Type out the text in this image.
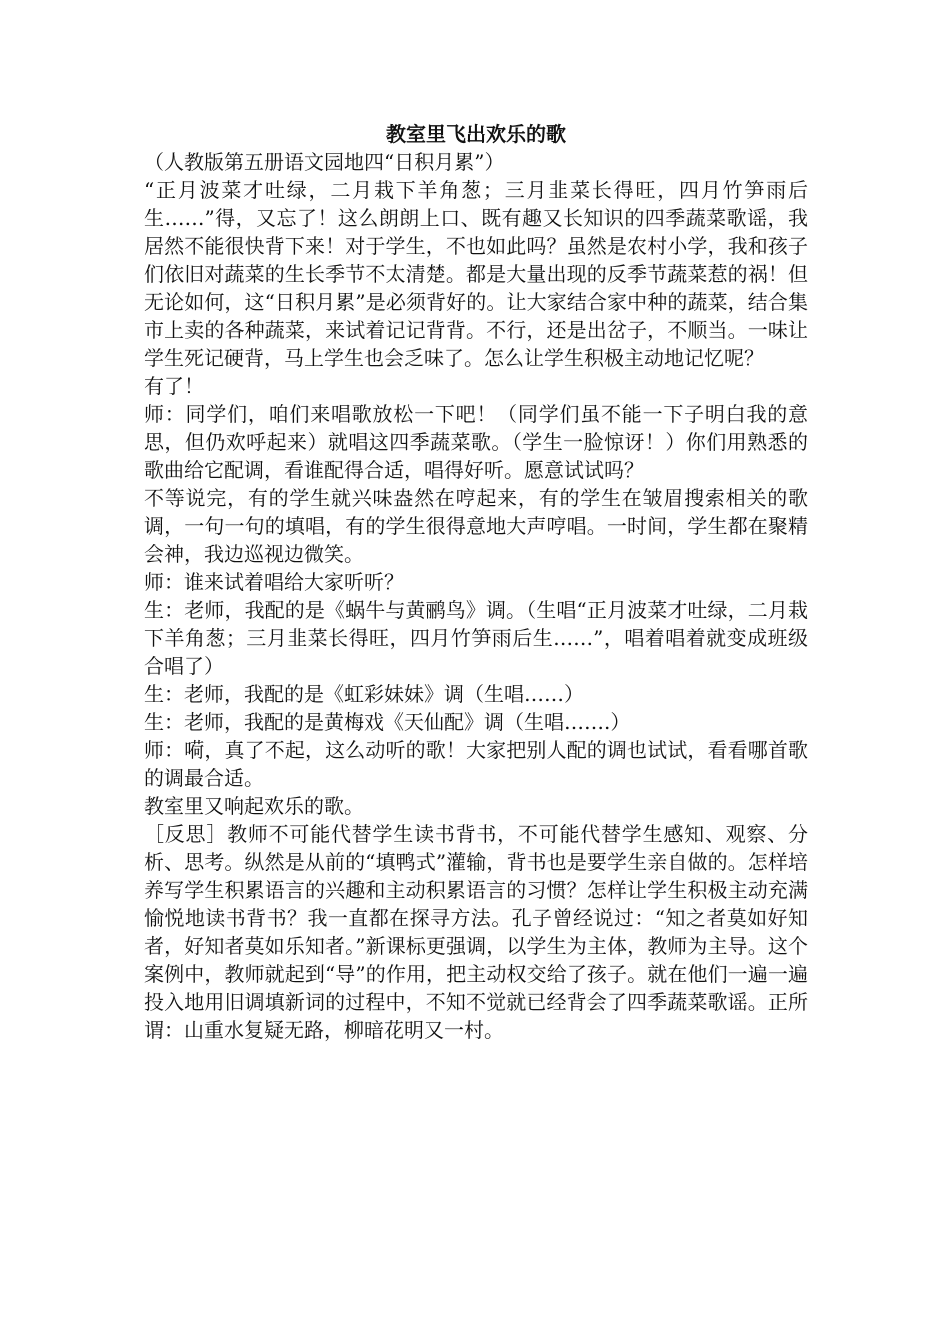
教室里飞出欢乐的歌

（人教版第五册语文园地四“日积月累”）

“正月波菜才吐绿，二月栽下羊角葱；三月韭菜长得旺，四月竹笋雨后生……”得，又忘了！这么朗朗上口、既有趣又长知识的四季蔬菜歌谣，我居然不能很快背下来！对于学生，不也如此吗？虽然是农村小学，我和孩子们依旧对蔬菜的生长季节不太清楚。都是大量出现的反季节蔬菜惹的祸！但无论如何，这“日积月累”是必须背好的。让大家结合家中种的蔬菜，结合集市上卖的各种蔬菜，来试着记记背背。不行，还是出岔子，不顺当。一味让学生死记硬背，马上学生也会乏味了。怎么让学生积极主动地记忆呢？

有了！

师：同学们，咱们来唱歌放松一下吧！（同学们虽不能一下子明白我的意思，但仍欢呼起来）就唱这四季蔬菜歌。（学生一脸惊讶！）你们用熟悉的歌曲给它配调，看谁配得合适，唱得好听。愿意试试吗？

不等说完，有的学生就兴味盎然在哼起来，有的学生在皱眉搜索相关的歌调，一句一句的填唱，有的学生很得意地大声哼唱。一时间，学生都在聚精会神，我边巡视边微笑。

师：谁来试着唱给大家听听？

生：老师，我配的是《蜗牛与黄鹂鸟》调。（生唱“正月波菜才吐绿，二月栽下羊角葱；三月韭菜长得旺，四月竹笋雨后生……”，唱着唱着就变成班级合唱了）

生：老师，我配的是《虹彩妹妹》调（生唱……）

生：老师，我配的是黄梅戏《天仙配》调（生唱…….）

师：嗬，真了不起，这么动听的歌！大家把别人配的调也试试，看看哪首歌的调最合适。

教室里又响起欢乐的歌。

［反思］教师不可能代替学生读书背书，不可能代替学生感知、观察、分析、思考。纵然是从前的“填鸭式”灌输，背书也是要学生亲自做的。怎样培养写学生积累语言的兴趣和主动积累语言的习惯？怎样让学生积极主动充满愉悦地读书背书？我一直都在探寻方法。孔子曾经说过：“知之者莫如好知者，好知者莫如乐知者。”新课标更强调，以学生为主体，教师为主导。这个案例中，教师就起到“导”的作用，把主动权交给了孩子。就在他们一遍一遍投入地用旧调填新词的过程中，不知不觉就已经背会了四季蔬菜歌谣。正所谓：山重水复疑无路，柳暗花明又一村。
